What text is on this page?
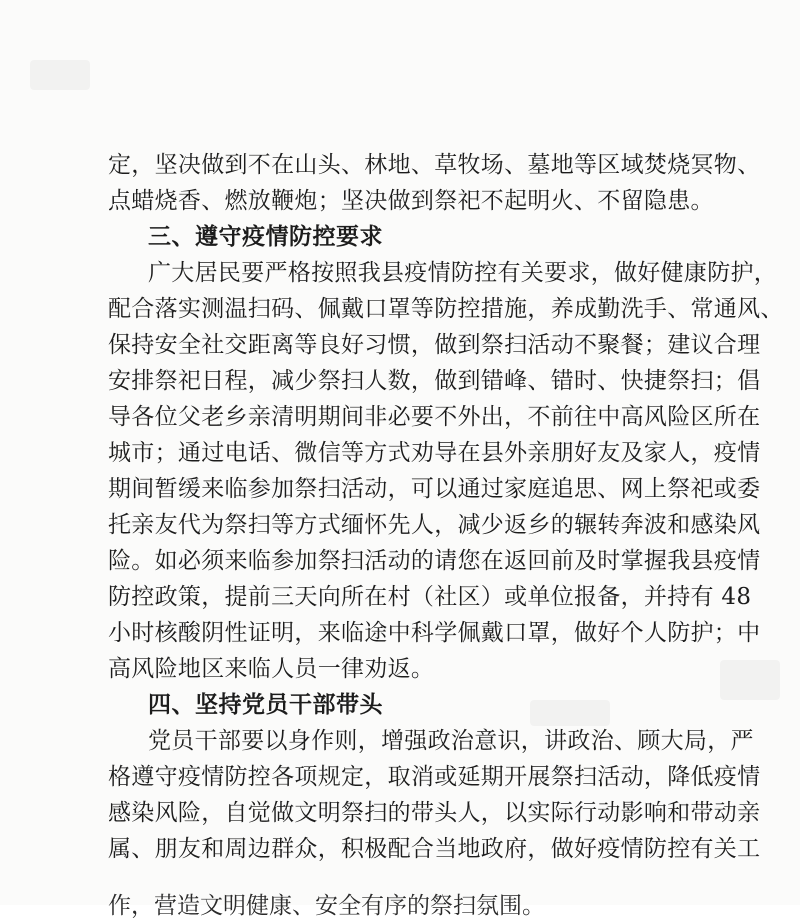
定，坚决做到不在山头、林地、草牧场、墓地等区域焚烧冥物、
点蜡烧香、燃放鞭炮；坚决做到祭祀不起明火、不留隐患。
三、遵守疫情防控要求
广大居民要严格按照我县疫情防控有关要求，做好健康防护，
配合落实测温扫码、佩戴口罩等防控措施，养成勤洗手、常通风、
保持安全社交距离等良好习惯，做到祭扫活动不聚餐；建议合理
安排祭祀日程，减少祭扫人数，做到错峰、错时、快捷祭扫；倡
导各位父老乡亲清明期间非必要不外出，不前往中高风险区所在
城市；通过电话、微信等方式劝导在县外亲朋好友及家人，疫情
期间暂缓来临参加祭扫活动，可以通过家庭追思、网上祭祀或委
托亲友代为祭扫等方式缅怀先人，减少返乡的辗转奔波和感染风
险。如必须来临参加祭扫活动的请您在返回前及时掌握我县疫情
防控政策，提前三天向所在村（社区）或单位报备，并持有 48
小时核酸阴性证明，来临途中科学佩戴口罩，做好个人防护；中
高风险地区来临人员一律劝返。
四、坚持党员干部带头
党员干部要以身作则，增强政治意识，讲政治、顾大局，严
格遵守疫情防控各项规定，取消或延期开展祭扫活动，降低疫情
感染风险，自觉做文明祭扫的带头人，以实际行动影响和带动亲
属、朋友和周边群众，积极配合当地政府，做好疫情防控有关工
作，营造文明健康、安全有序的祭扫氛围。
